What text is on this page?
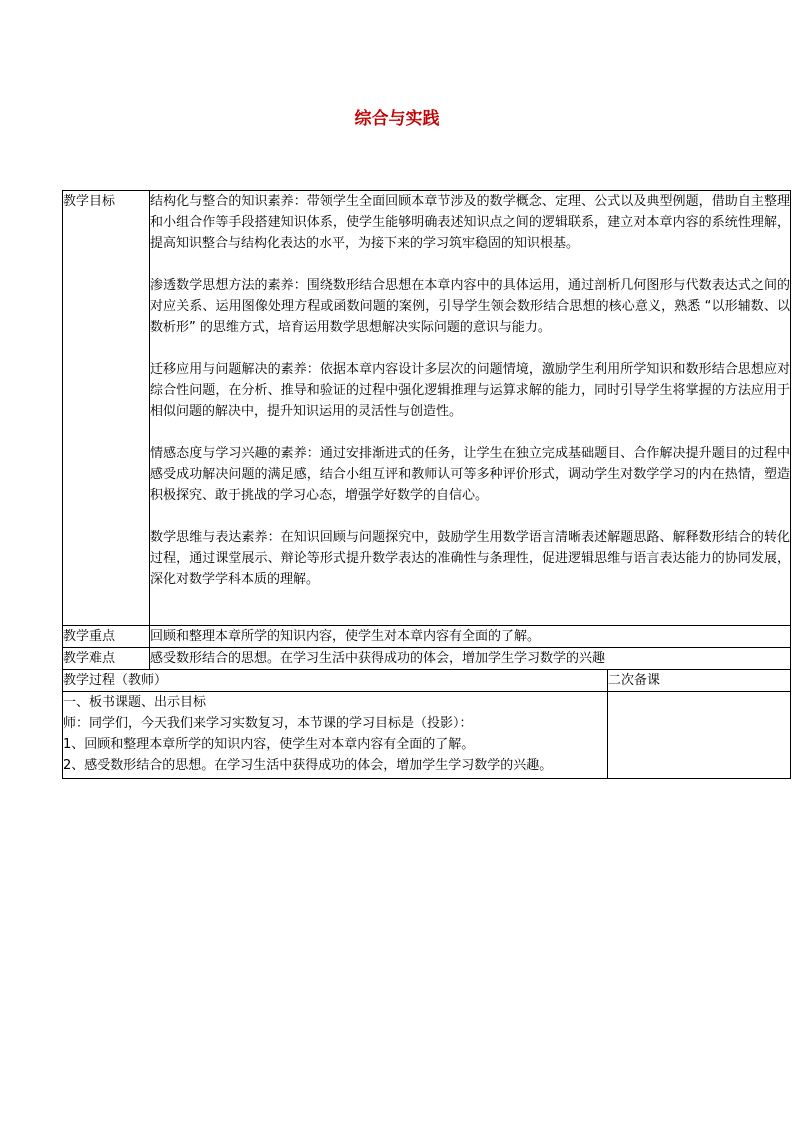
综合与实践
教学目标	结构化与整合的知识素养：带领学生全面回顾本章节涉及的数学概念、定理、公式以及典型例题，借助自主整理和小组合作等手段搭建知识体系，使学生能够明确表述知识点之间的逻辑联系，建立对本章内容的系统性理解，提高知识整合与结构化表达的水平，为接下来的学习筑牢稳固的知识根基。

渗透数学思想方法的素养：围绕数形结合思想在本章内容中的具体运用，通过剖析几何图形与代数表达式之间的对应关系、运用图像处理方程或函数问题的案例，引导学生领会数形结合思想的核心意义，熟悉 “以形辅数、以数析形” 的思维方式，培育运用数学思想解决实际问题的意识与能力。

迁移应用与问题解决的素养：依据本章内容设计多层次的问题情境，激励学生利用所学知识和数形结合思想应对综合性问题，在分析、推导和验证的过程中强化逻辑推理与运算求解的能力，同时引导学生将掌握的方法应用于相似问题的解决中，提升知识运用的灵活性与创造性。

情感态度与学习兴趣的素养：通过安排渐进式的任务，让学生在独立完成基础题目、合作解决提升题目的过程中感受成功解决问题的满足感，结合小组互评和教师认可等多种评价形式，调动学生对数学学习的内在热情，塑造积极探究、敢于挑战的学习心态，增强学好数学的自信心。

数学思维与表达素养：在知识回顾与问题探究中，鼓励学生用数学语言清晰表述解题思路、解释数形结合的转化过程，通过课堂展示、辩论等形式提升数学表达的准确性与条理性，促进逻辑思维与语言表达能力的协同发展，深化对数学学科本质的理解。	

教学重点	回顾和整理本章所学的知识内容，使学生对本章内容有全面的了解。	
教学难点	感受数形结合的思想。在学习生活中获得成功的体会，增加学生学习数学的兴趣	
教学过程（教师）		二次备课

一、板书课题、出示目标
师：同学们，今天我们来学习实数复习，本节课的学习目标是（投影）：
1、回顾和整理本章所学的知识内容，使学生对本章内容有全面的了解。
2、感受数形结合的思想。在学习生活中获得成功的体会，增加学生学习数学的兴趣。		
